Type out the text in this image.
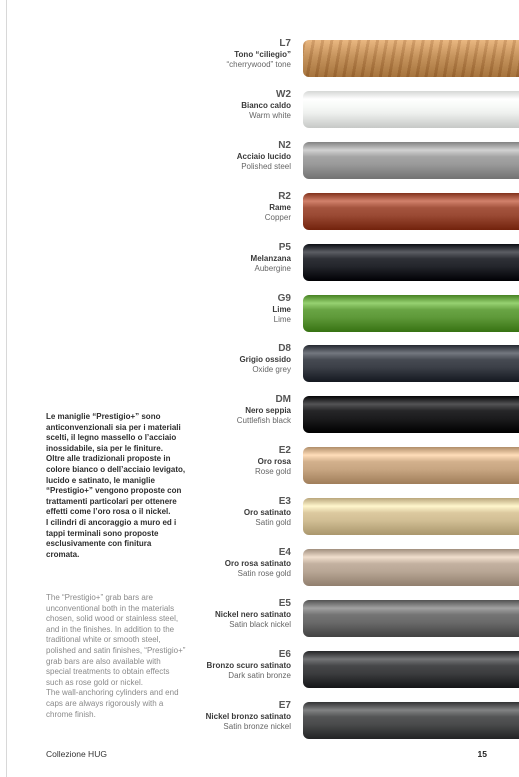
L7
Tono “ciliegio”
“cherrywood” tone
W2
Bianco caldo
Warm white
N2
Acciaio lucido
Polished steel
R2
Rame
Copper
P5
Melanzana
Aubergine
G9
Lime
Lime
D8
Grigio ossido
Oxide grey
DM
Nero seppia
Cuttlefish black
E2
Oro rosa
Rose gold
E3
Oro satinato
Satin gold
E4
Oro rosa satinato
Satin rose gold
E5
Nickel nero satinato
Satin black nickel
E6
Bronzo scuro satinato
Dark satin bronze
E7
Nickel bronzo satinato
Satin bronze nickel

Le maniglie “Prestigio+” sono anticonvenzionali sia per i materiali scelti, il legno massello o l’acciaio inossidabile, sia per le finiture.

Oltre alle tradizionali proposte in colore bianco o dell’acciaio levigato, lucido e satinato, le maniglie “Prestigio+” vengono proposte con trattamenti particolari per ottenere effetti come l’oro rosa o il nickel.

I cilindri di ancoraggio a muro ed i tappi terminali sono proposte esclusivamente con finitura cromata.

The “Prestigio+” grab bars are unconventional both in the materials chosen, solid wood or stainless steel, and in the finishes. In addition to the traditional white or smooth steel, polished and satin finishes, “Prestigio+” grab bars are also available with special treatments to obtain effects such as rose gold or nickel.

The wall-anchoring cylinders and end caps are always rigorously with a chrome finish.

Collezione HUG	15
